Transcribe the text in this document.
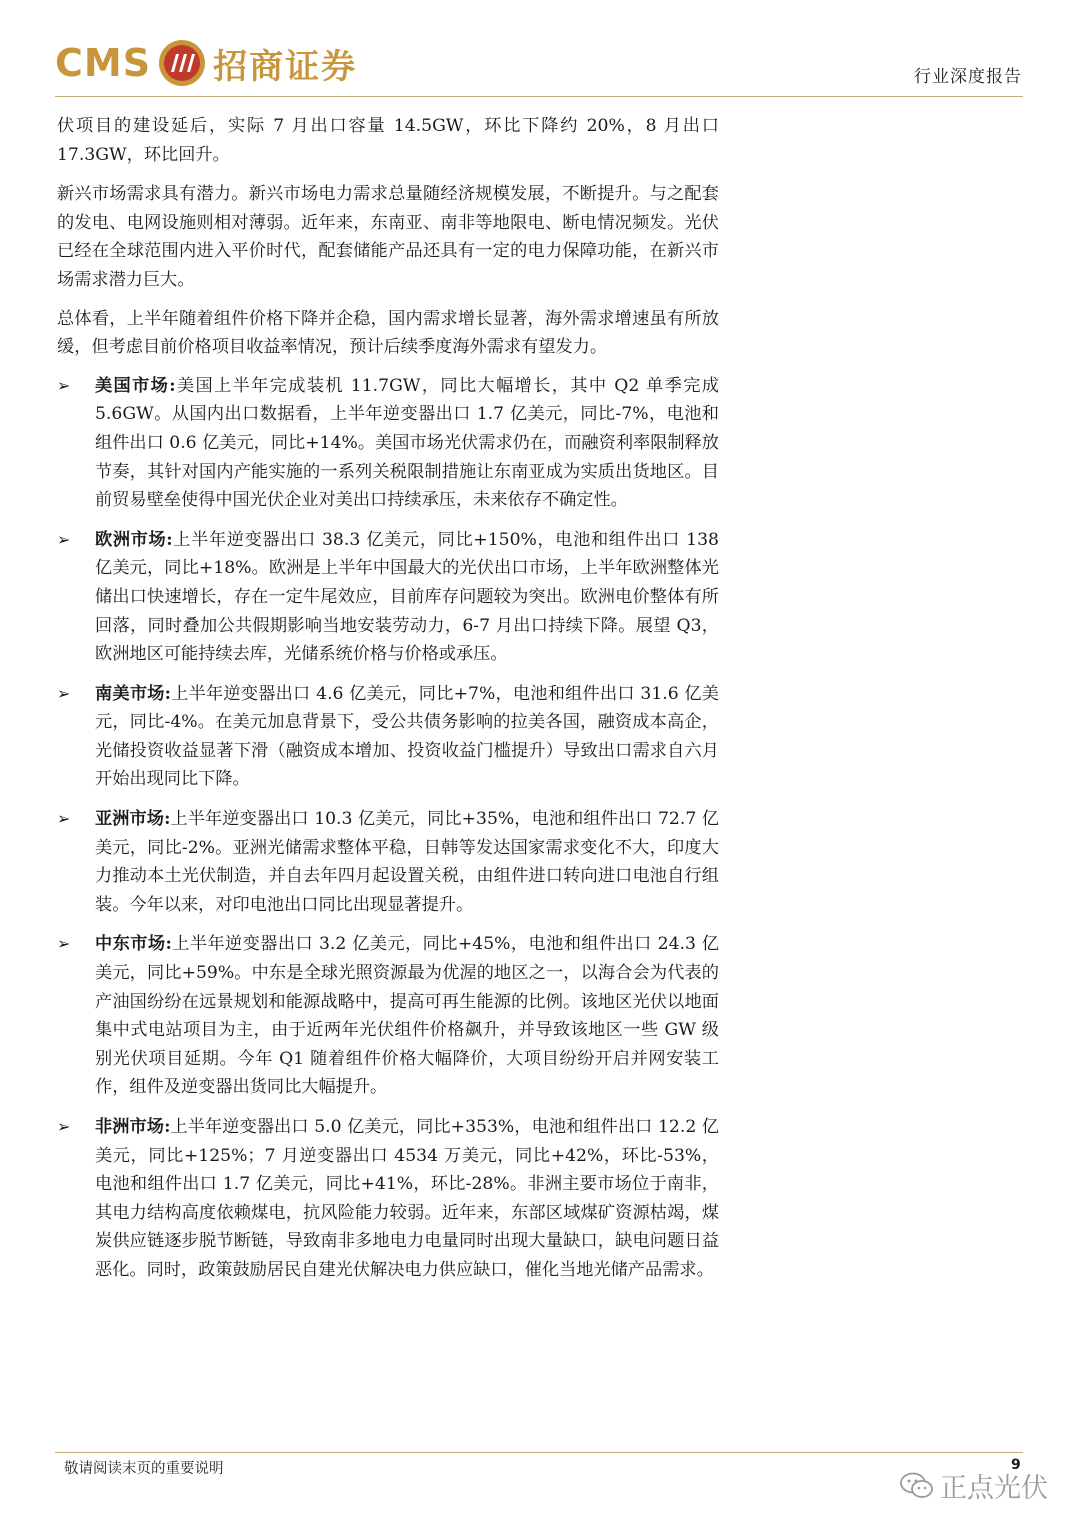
CMS 招商证券	行业深度报告

伏项目的建设延后，实际 7 月出口容量 14.5GW，环比下降约 20%，8 月出口 17.3GW，环比回升。

新兴市场需求具有潜力。新兴市场电力需求总量随经济规模发展，不断提升。与之配套的发电、电网设施则相对薄弱。近年来，东南亚、南非等地限电、断电情况频发。光伏已经在全球范围内进入平价时代，配套储能产品还具有一定的电力保障功能，在新兴市场需求潜力巨大。

总体看，上半年随着组件价格下降并企稳，国内需求增长显著，海外需求增速虽有所放缓，但考虑目前价格项目收益率情况，预计后续季度海外需求有望发力。

➢ 美国市场:美国上半年完成装机 11.7GW，同比大幅增长，其中 Q2 单季完成 5.6GW。从国内出口数据看，上半年逆变器出口 1.7 亿美元，同比-7%，电池和组件出口 0.6 亿美元，同比+14%。美国市场光伏需求仍在，而融资利率限制释放节奏，其针对国内产能实施的一系列关税限制措施让东南亚成为实质出货地区。目前贸易壁垒使得中国光伏企业对美出口持续承压，未来依存不确定性。
➢ 欧洲市场:上半年逆变器出口 38.3 亿美元，同比+150%，电池和组件出口 138 亿美元，同比+18%。欧洲是上半年中国最大的光伏出口市场，上半年欧洲整体光储出口快速增长，存在一定牛尾效应，目前库存问题较为突出。欧洲电价整体有所回落，同时叠加公共假期影响当地安装劳动力，6-7 月出口持续下降。展望 Q3，欧洲地区可能持续去库，光储系统价格与价格或承压。
➢ 南美市场:上半年逆变器出口 4.6 亿美元，同比+7%，电池和组件出口 31.6 亿美元，同比-4%。在美元加息背景下，受公共债务影响的拉美各国，融资成本高企，光储投资收益显著下滑（融资成本增加、投资收益门槛提升）导致出口需求自六月开始出现同比下降。
➢ 亚洲市场:上半年逆变器出口 10.3 亿美元，同比+35%，电池和组件出口 72.7 亿美元，同比-2%。亚洲光储需求整体平稳，日韩等发达国家需求变化不大，印度大力推动本土光伏制造，并自去年四月起设置关税，由组件进口转向进口电池自行组装。今年以来，对印电池出口同比出现显著提升。
➢ 中东市场:上半年逆变器出口 3.2 亿美元，同比+45%，电池和组件出口 24.3 亿美元，同比+59%。中东是全球光照资源最为优渥的地区之一，以海合会为代表的产油国纷纷在远景规划和能源战略中，提高可再生能源的比例。该地区光伏以地面集中式电站项目为主，由于近两年光伏组件价格飙升，并导致该地区一些 GW 级别光伏项目延期。今年 Q1 随着组件价格大幅降价，大项目纷纷开启并网安装工作，组件及逆变器出货同比大幅提升。
➢ 非洲市场:上半年逆变器出口 5.0 亿美元，同比+353%，电池和组件出口 12.2 亿美元，同比+125%；7 月逆变器出口 4534 万美元，同比+42%，环比-53%，电池和组件出口 1.7 亿美元，同比+41%，环比-28%。非洲主要市场位于南非，其电力结构高度依赖煤电，抗风险能力较弱。近年来，东部区域煤矿资源枯竭，煤炭供应链逐步脱节断链，导致南非多地电力电量同时出现大量缺口，缺电问题日益恶化。同时，政策鼓励居民自建光伏解决电力供应缺口，催化当地光储产品需求。
敬请阅读末页的重要说明	9
正点光伏
